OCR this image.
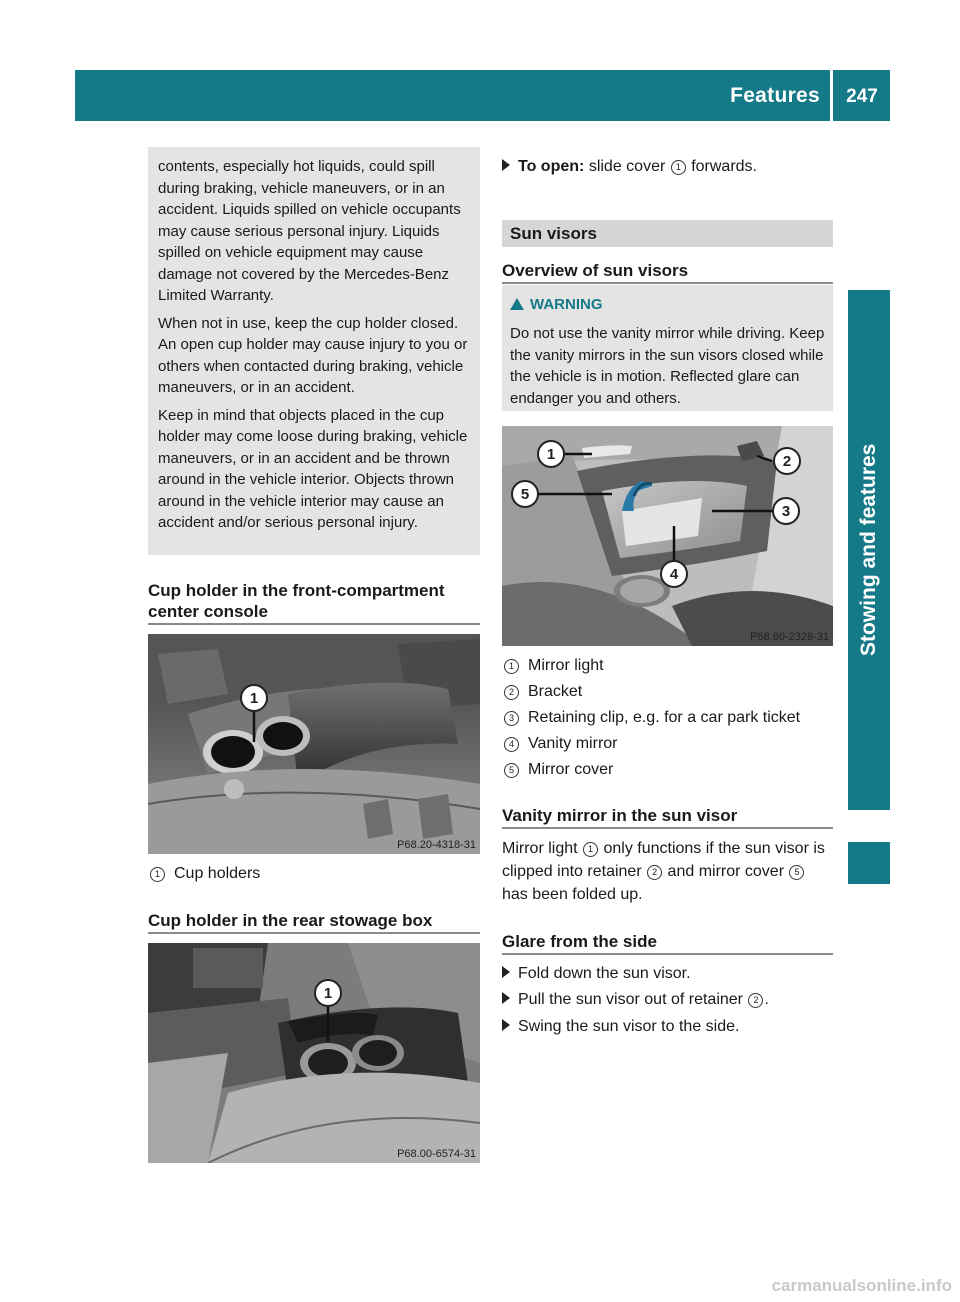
Features	247
Stowing and features

contents, especially hot liquids, could spill during braking, vehicle maneuvers, or in an accident. Liquids spilled on vehicle occupants may cause serious personal injury. Liquids spilled on vehicle equipment may cause damage not covered by the Mercedes-Benz Limited Warranty.

When not in use, keep the cup holder closed. An open cup holder may cause injury to you or others when contacted during braking, vehicle maneuvers, or in an accident.

Keep in mind that objects placed in the cup holder may come loose during braking, vehicle maneuvers, or in an accident and be thrown around in the vehicle interior. Objects thrown around in the vehicle interior may cause an accident and/or serious personal injury.

Cup holder in the front-compartment center console
1
P68.20-4318-31
1 Cup holders
Cup holder in the rear stowage box
1
P68.00-6574-31
To open: slide cover 1 forwards.
Sun visors
Overview of sun visors
WARNING

Do not use the vanity mirror while driving. Keep the vanity mirrors in the sun visors closed while the vehicle is in motion. Reflected glare can endanger you and others.

1	2
3
4
5
P68.60-2328-31
1 Mirror light
2 Bracket
3 Retaining clip, e.g. for a car park ticket
4 Vanity mirror
5 Mirror cover
Vanity mirror in the sun visor
Mirror light 1 only functions if the sun visor is clipped into retainer 2 and mirror cover 5 has been folded up.
Glare from the side
Fold down the sun visor.
Pull the sun visor out of retainer 2 .
Swing the sun visor to the side.
carmanualsonline.info
